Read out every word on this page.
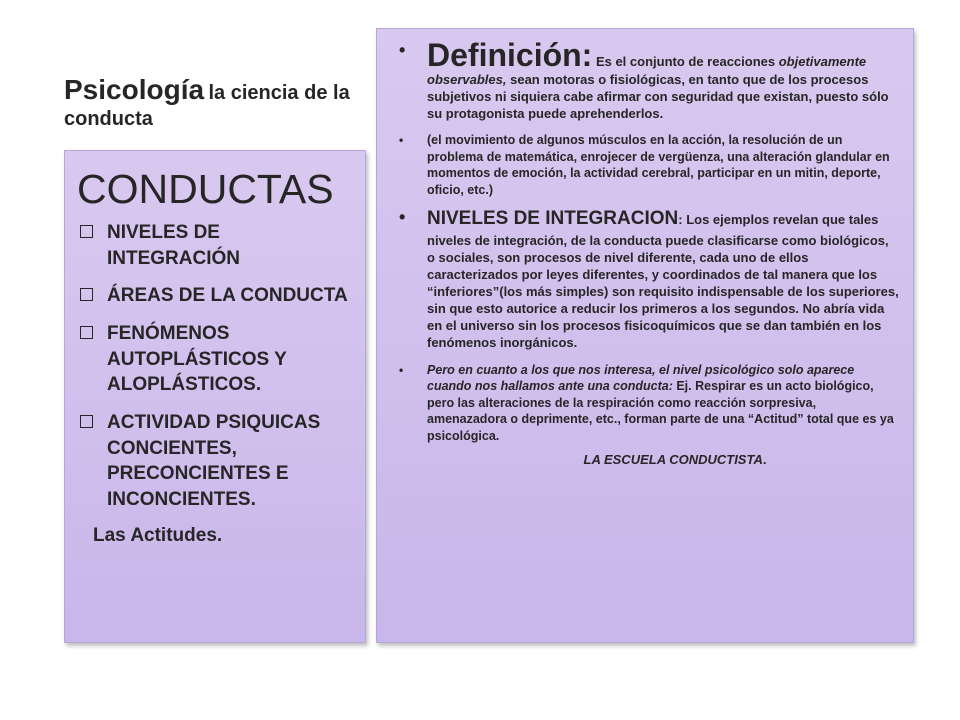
Psicología la ciencia de la conducta
CONDUCTAS
NIVELES DE INTEGRACIÓN
ÁREAS DE LA CONDUCTA
FENÓMENOS AUTOPLÁSTICOS Y ALOPLÁSTICOS.
ACTIVIDAD PSIQUICAS CONCIENTES, PRECONCIENTES E INCONCIENTES.
Las Actitudes.
• Definición: Es el conjunto de reacciones objetivamente observables, sean motoras o fisiológicas, en tanto que de los procesos subjetivos ni siquiera cabe afirmar con seguridad que existan, puesto sólo su protagonista puede aprehenderlos.
• (el movimiento de algunos músculos en la acción, la resolución de un problema de matemática, enrojecer de vergüenza, una alteración glandular en momentos de emoción, la actividad cerebral, participar en un mitin, deporte, oficio, etc.)
• NIVELES DE INTEGRACION: Los ejemplos revelan que tales niveles de integración, de la conducta puede clasificarse como biológicos, o sociales, son procesos de nivel diferente, cada uno de ellos caracterizados por leyes diferentes, y coordinados de tal manera que los “inferiores”(los más simples) son requisito indispensable de los superiores, sin que esto autorice a reducir los primeros a los segundos. No abría vida en el universo sin los procesos fisicoquímicos que se dan también en los fenómenos inorgánicos.
• Pero en cuanto a los que nos interesa, el nivel psicológico solo aparece cuando nos hallamos ante una conducta: Ej. Respirar es un acto biológico, pero las alteraciones de la respiración como reacción sorpresiva, amenazadora o deprimente, etc., forman parte de una “Actitud” total que es ya psicológica.
LA ESCUELA CONDUCTISTA.
